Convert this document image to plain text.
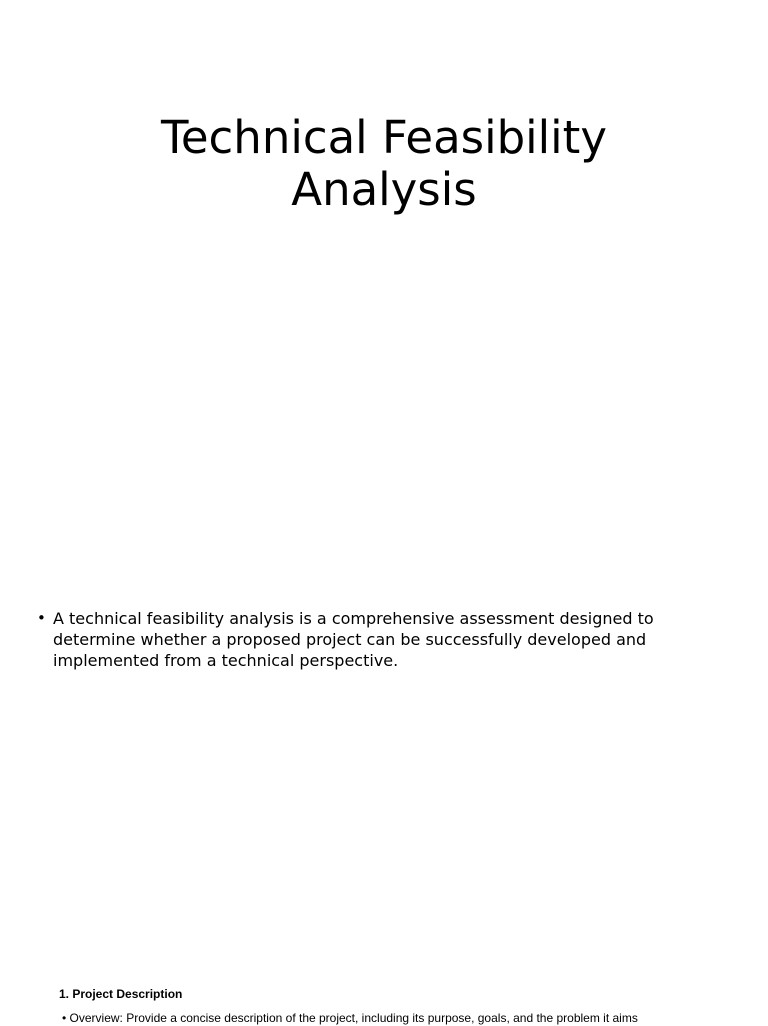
Technical Feasibility
Analysis
• A technical feasibility analysis is a comprehensive assessment designed to determine whether a proposed project can be successfully developed and implemented from a technical perspective.
1. Project Description
• Overview: Provide a concise description of the project, including its purpose, goals, and the problem it aims
